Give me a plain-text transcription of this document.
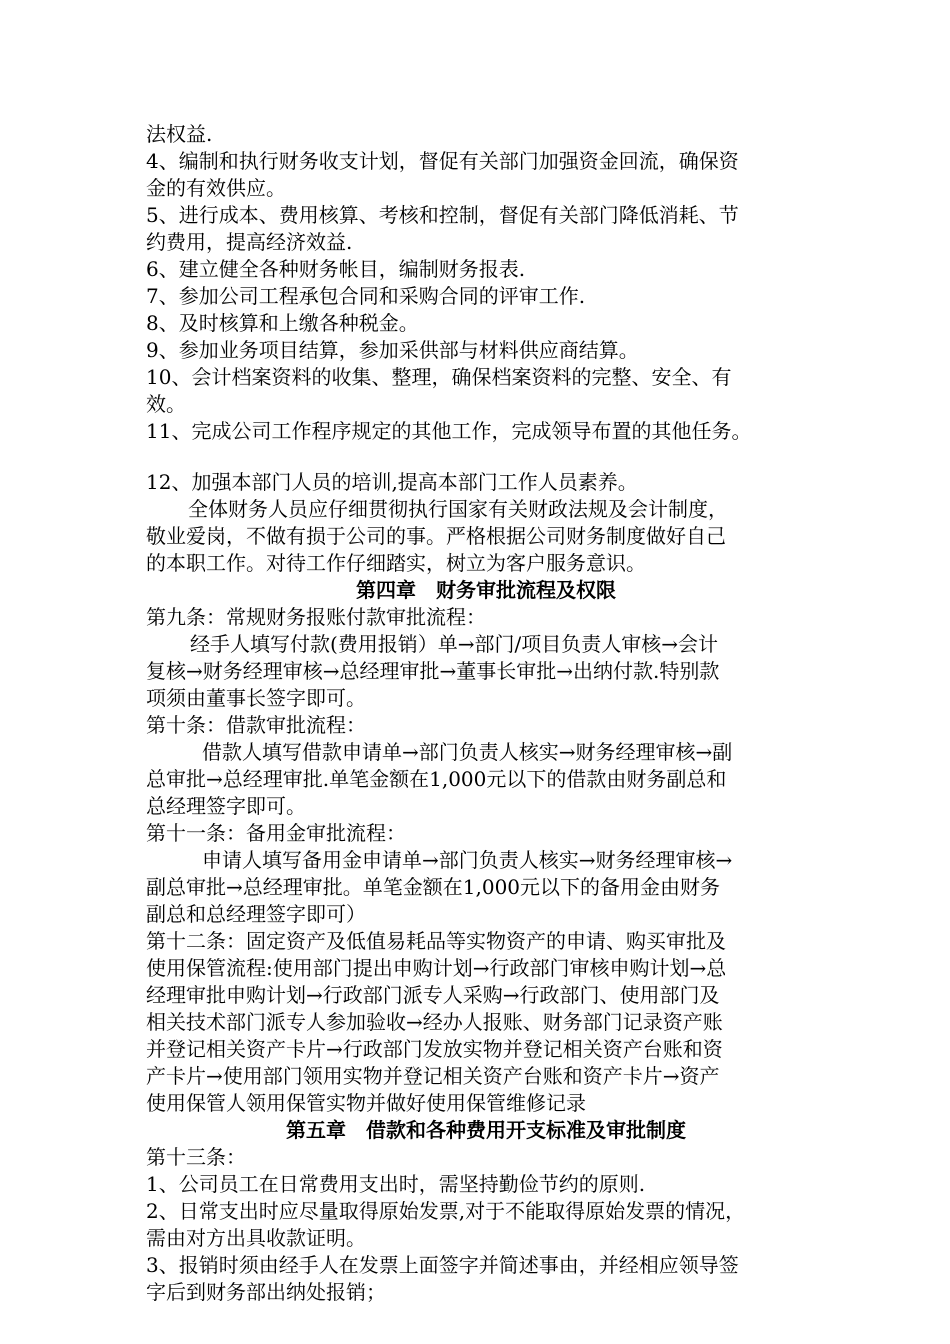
法权益.
4、编制和执行财务收支计划，督促有关部门加强资金回流，确保资
金的有效供应。
5、进行成本、费用核算、考核和控制，督促有关部门降低消耗、节
约费用，提高经济效益.
6、建立健全各种财务帐目，编制财务报表.
7、参加公司工程承包合同和采购合同的评审工作.
8、及时核算和上缴各种税金。
9、参加业务项目结算，参加采供部与材料供应商结算。
10、会计档案资料的收集、整理，确保档案资料的完整、安全、有
效。
11、完成公司工作程序规定的其他工作，完成领导布置的其他任务。
12、加强本部门人员的培训,提高本部门工作人员素养。
全体财务人员应仔细贯彻执行国家有关财政法规及会计制度，
敬业爱岗，不做有损于公司的事。严格根据公司财务制度做好自己
的本职工作。对待工作仔细踏实，树立为客户服务意识。
第四章　财务审批流程及权限
第九条：常规财务报账付款审批流程：
经手人填写付款(费用报销）单→部门/项目负责人审核→会计
复核→财务经理审核→总经理审批→董事长审批→出纳付款.特别款
项须由董事长签字即可。
第十条：借款审批流程：
借款人填写借款申请单→部门负责人核实→财务经理审核→副
总审批→总经理审批.单笔金额在1,000元以下的借款由财务副总和
总经理签字即可。
第十一条：备用金审批流程：
申请人填写备用金申请单→部门负责人核实→财务经理审核→
副总审批→总经理审批。单笔金额在1,000元以下的备用金由财务
副总和总经理签字即可）
第十二条：固定资产及低值易耗品等实物资产的申请、购买审批及
使用保管流程:使用部门提出申购计划→行政部门审核申购计划→总
经理审批申购计划→行政部门派专人采购→行政部门、使用部门及
相关技术部门派专人参加验收→经办人报账、财务部门记录资产账
并登记相关资产卡片→行政部门发放实物并登记相关资产台账和资
产卡片→使用部门领用实物并登记相关资产台账和资产卡片→资产
使用保管人领用保管实物并做好使用保管维修记录
第五章　借款和各种费用开支标准及审批制度
第十三条：
1、公司员工在日常费用支出时，需坚持勤俭节约的原则.
2、日常支出时应尽量取得原始发票,对于不能取得原始发票的情况，
需由对方出具收款证明。
3、报销时须由经手人在发票上面签字并简述事由，并经相应领导签
字后到财务部出纳处报销；
